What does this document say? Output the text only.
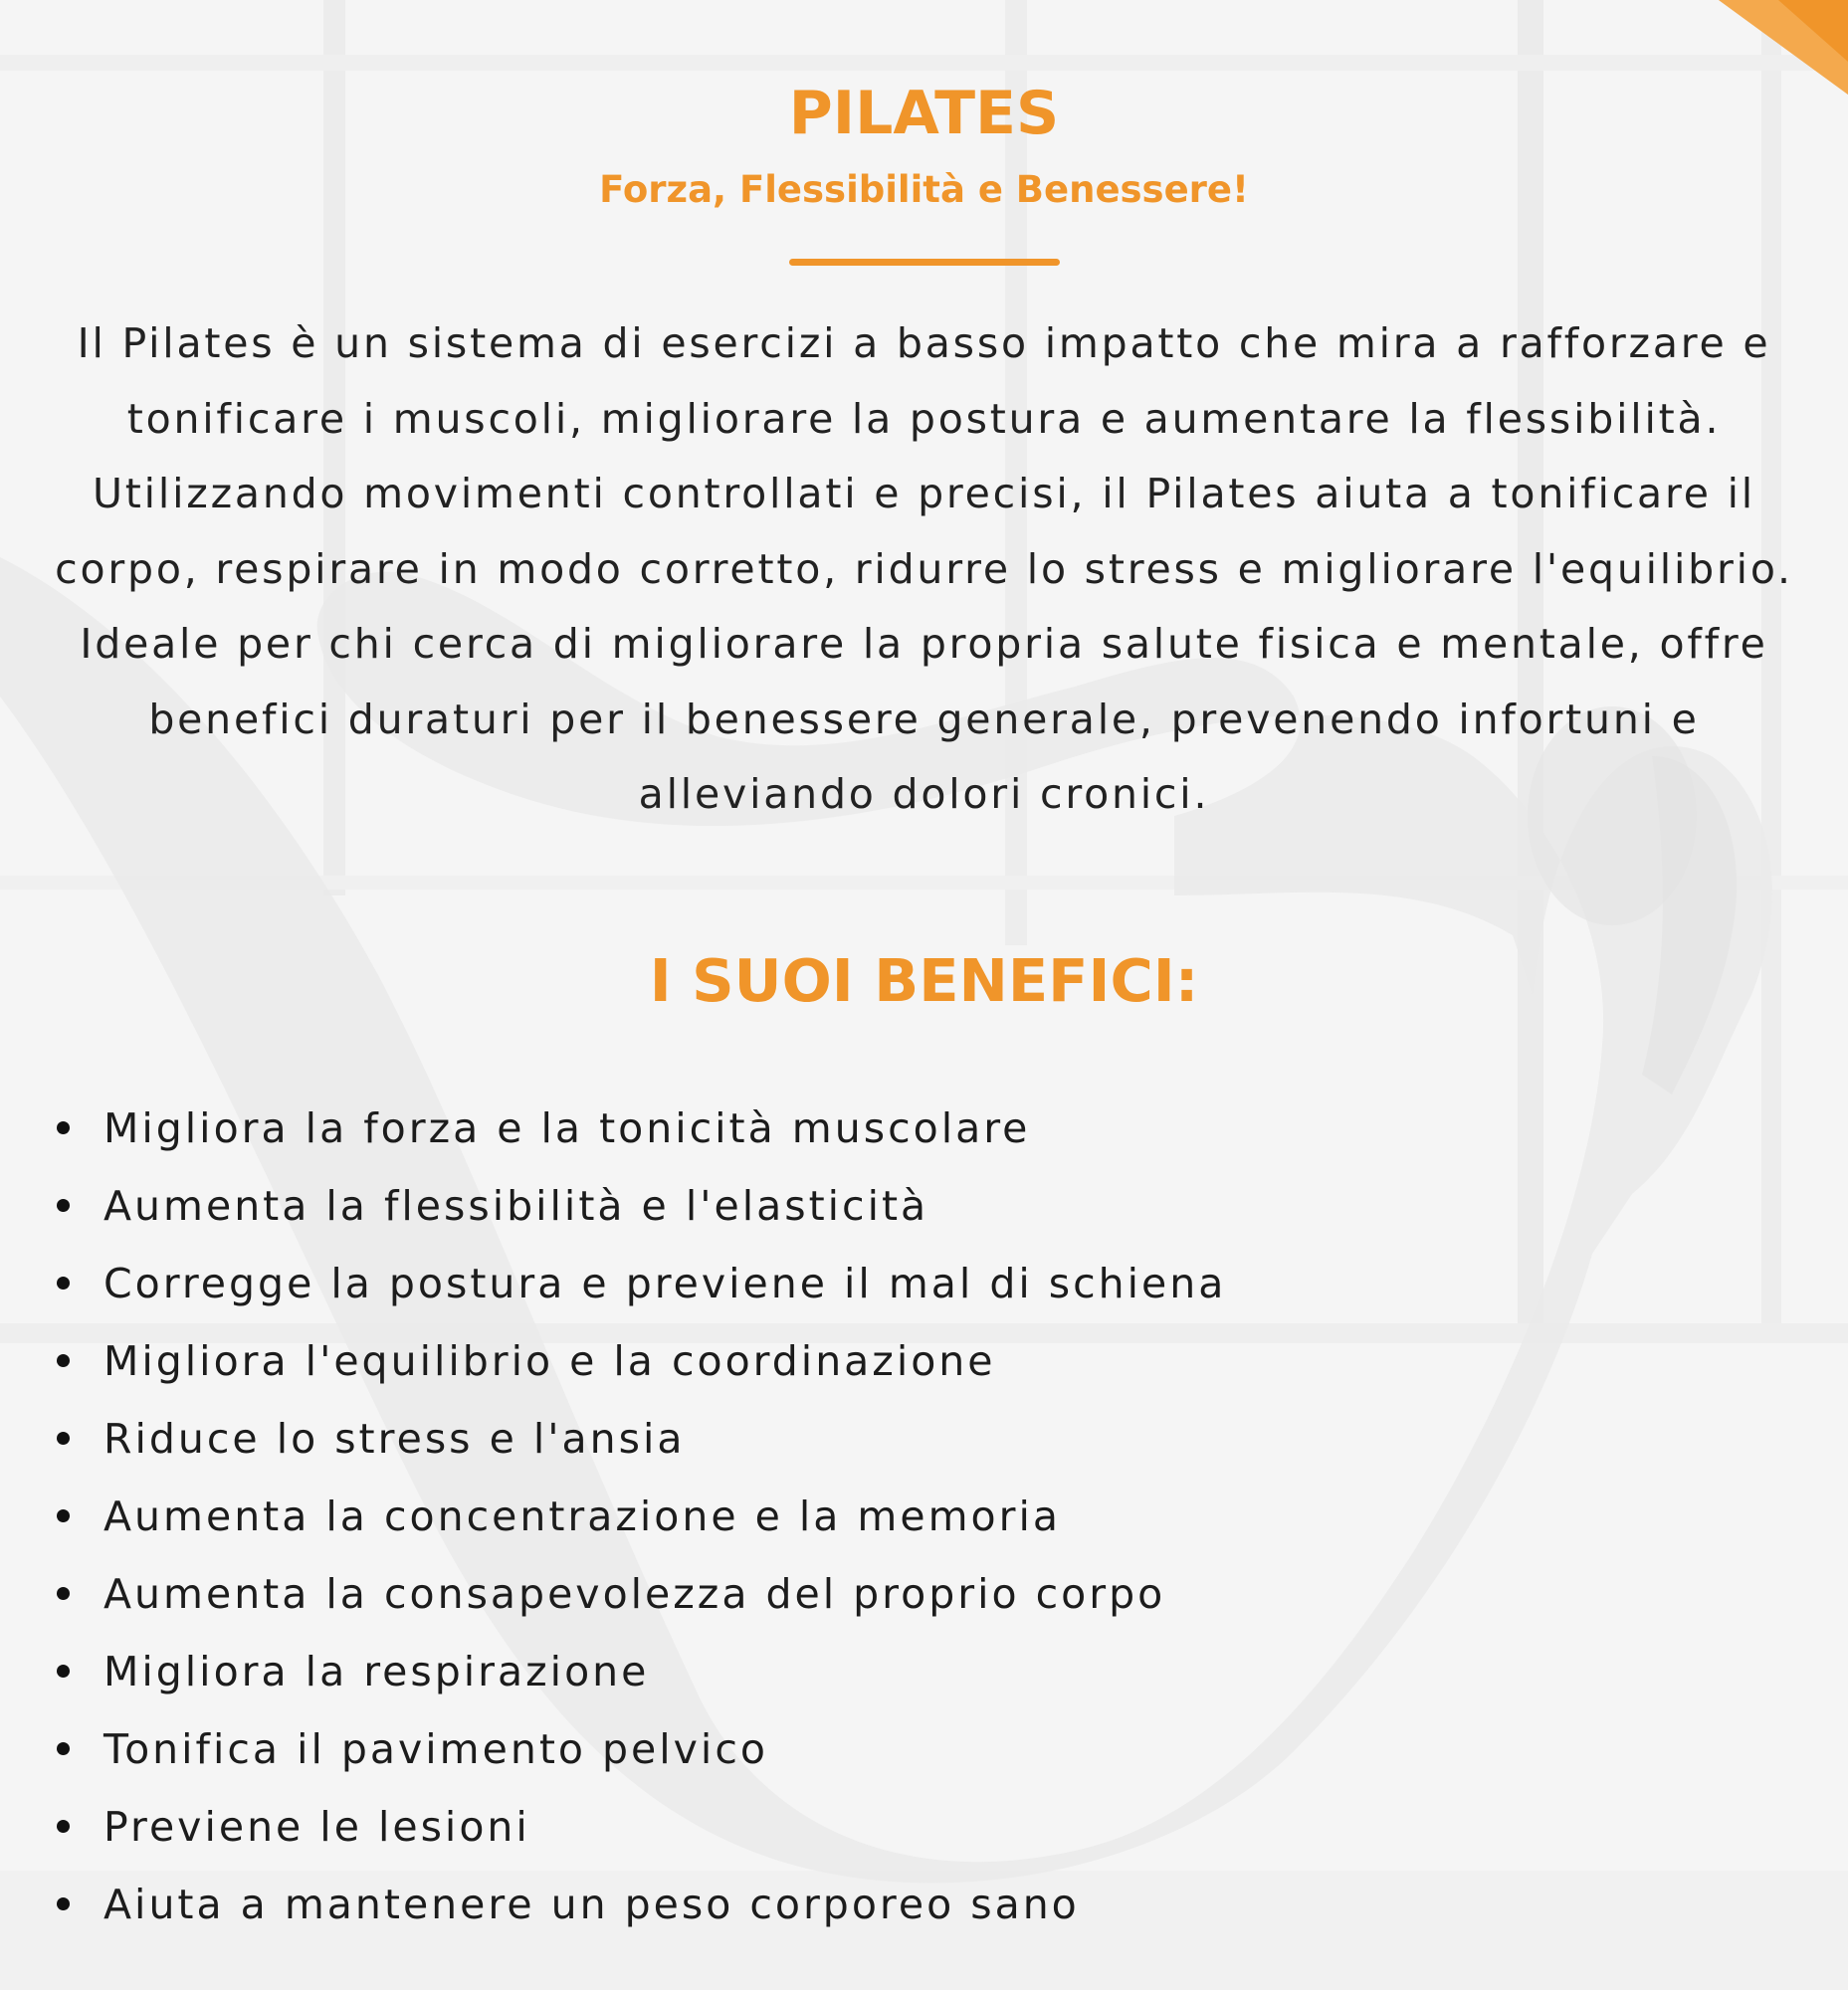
PILATES
Forza, Flessibilità e Benessere!

Il Pilates è un sistema di esercizi a basso impatto che mira a rafforzare e tonificare i muscoli, migliorare la postura e aumentare la flessibilità. Utilizzando movimenti controllati e precisi, il Pilates aiuta a tonificare il corpo, respirare in modo corretto, ridurre lo stress e migliorare l'equilibrio. Ideale per chi cerca di migliorare la propria salute fisica e mentale, offre benefici duraturi per il benessere generale, prevenendo infortuni e alleviando dolori cronici.

I SUOI BENEFICI:
Migliora la forza e la tonicità muscolare
Aumenta la flessibilità e l'elasticità
Corregge la postura e previene il mal di schiena
Migliora l'equilibrio e la coordinazione
Riduce lo stress e l'ansia
Aumenta la concentrazione e la memoria
Aumenta la consapevolezza del proprio corpo
Migliora la respirazione
Tonifica il pavimento pelvico
Previene le lesioni
Aiuta a mantenere un peso corporeo sano
